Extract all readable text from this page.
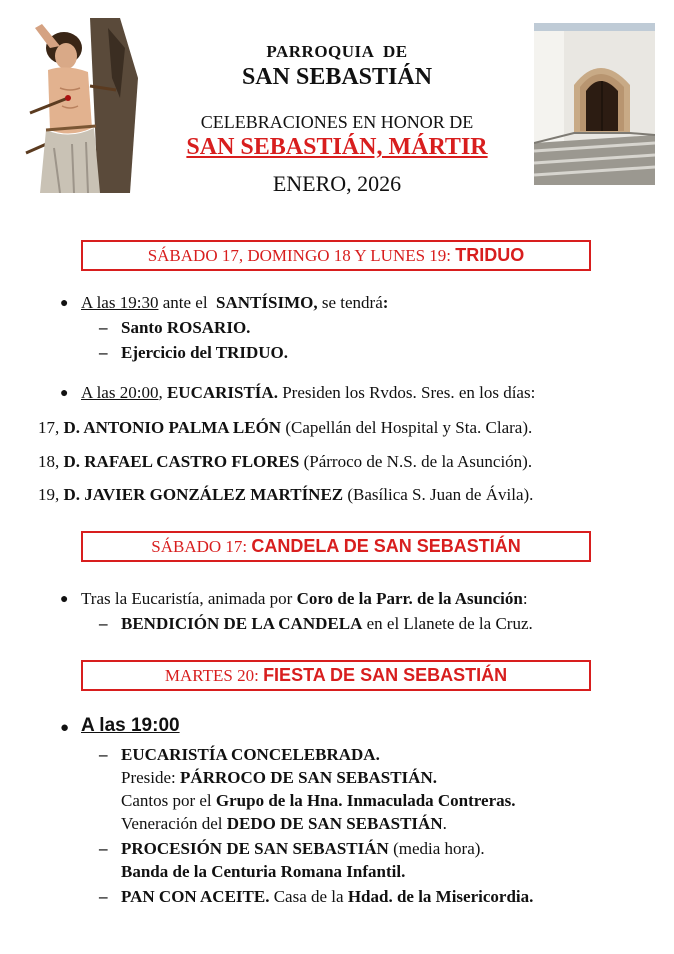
PARROQUIA  DE
SAN SEBASTIÁN
CELEBRACIONES EN HONOR DE
SAN SEBASTIÁN, MÁRTIR
ENERO, 2026
SÁBADO 17, DOMINGO 18 Y LUNES 19: TRIDUO
● A las 19:30 ante el  SANTÍSIMO, se tendrá:
– Santo ROSARIO.
– Ejercicio del TRIDUO.
● A las 20:00, EUCARISTÍA. Presiden los Rvdos. Sres. en los días:
17, D. ANTONIO PALMA LEÓN (Capellán del Hospital y Sta. Clara).
18, D. RAFAEL CASTRO FLORES (Párroco de N.S. de la Asunción).
19, D. JAVIER GONZÁLEZ MARTÍNEZ (Basílica S. Juan de Ávila).
SÁBADO 17: CANDELA DE SAN SEBASTIÁN
● Tras la Eucaristía, animada por Coro de la Parr. de la Asunción:
– BENDICIÓN DE LA CANDELA en el Llanete de la Cruz.
MARTES 20: FIESTA DE SAN SEBASTIÁN
● A las 19:00
– EUCARISTÍA CONCELEBRADA.
Preside: PÁRROCO DE SAN SEBASTIÁN.
Cantos por el Grupo de la Hna. Inmaculada Contreras.
Veneración del DEDO DE SAN SEBASTIÁN.
– PROCESIÓN DE SAN SEBASTIÁN (media hora).
Banda de la Centuria Romana Infantil.
– PAN CON ACEITE. Casa de la Hdad. de la Misericordia.
